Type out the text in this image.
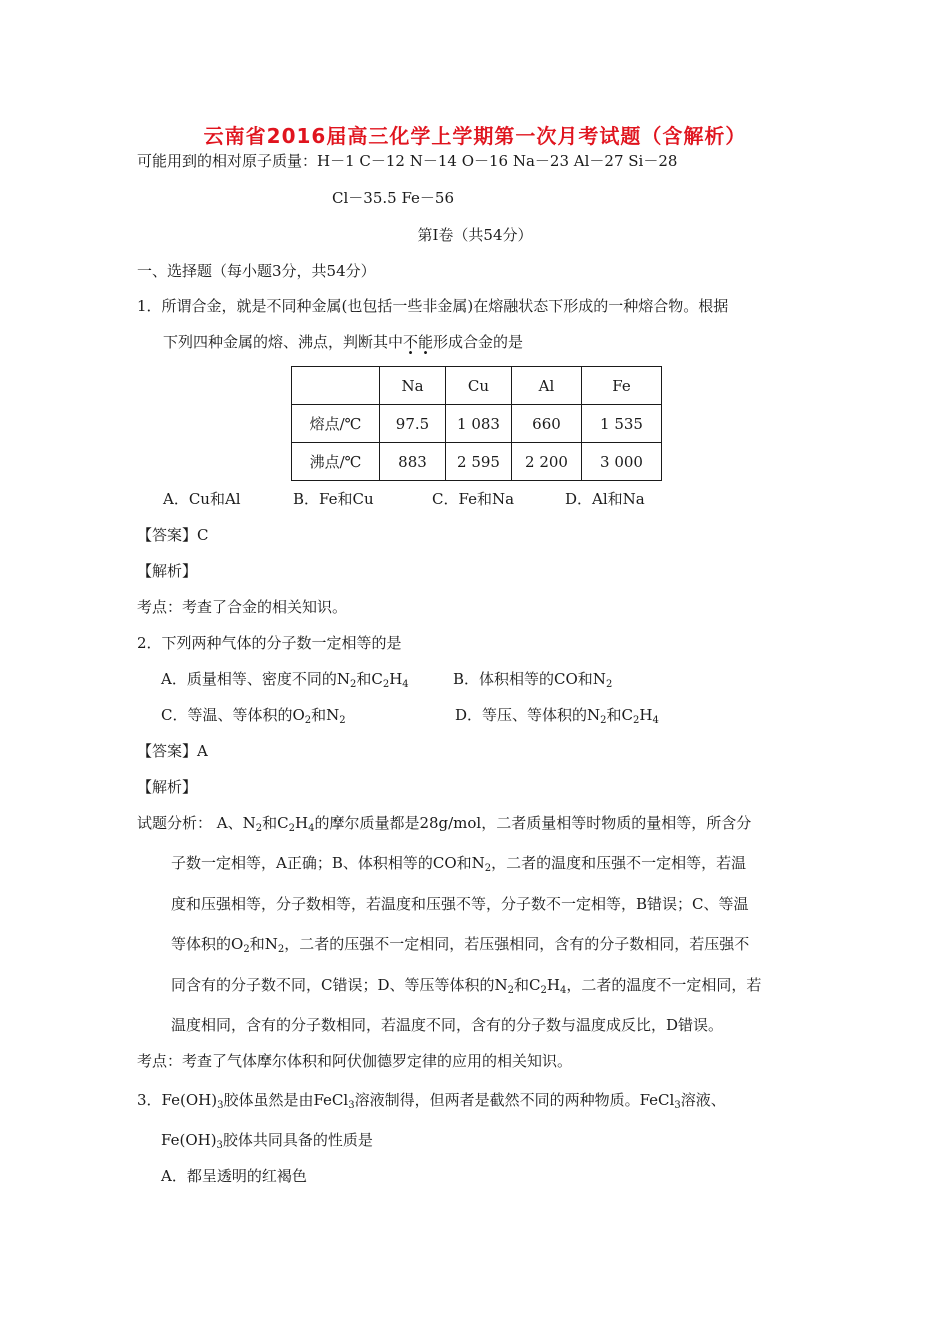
云南省2016届高三化学上学期第一次月考试题（含解析）
可能用到的相对原子质量：H－1 C－12 N－14 O－16 Na－23 Al－27 Si－28
Cl－35.5 Fe－56
第Ⅰ卷（共54分）
一、选择题（每小题3分，共54分）
1．所谓合金，就是不同种金属(也包括一些非金属)在熔融状态下形成的一种熔合物。根据
下列四种金属的熔、沸点，判断其中不能形成合金的是
	Na	Cu	Al	Fe
熔点/℃	97.5	1 083	660	1 535
沸点/℃	883	2 595	2 200	3 000
A．Cu和Al	B．Fe和Cu	C．Fe和Na	D．Al和Na
【答案】C
【解析】
考点：考查了合金的相关知识。
2．下列两种气体的分子数一定相等的是
A．质量相等、密度不同的$N_2$和$C_2H_4$	B．体积相等的CO和$N_2$
C．等温、等体积的$O_2$和$N_2$	D．等压、等体积的$N_2$和$C_2H_4$
【答案】A
【解析】
试题分析： A、$N_2$和$C_2H_4$的摩尔质量都是28g/mol，二者质量相等时物质的量相等，所含分
子数一定相等，A正确；B、体积相等的CO和$N_2$，二者的温度和压强不一定相等，若温
度和压强相等，分子数相等，若温度和压强不等，分子数不一定相等，B错误；C、等温
等体积的$O_2$和$N_2$，二者的压强不一定相同，若压强相同，含有的分子数相同，若压强不
同含有的分子数不同，C错误；D、等压等体积的$N_2$和$C_2H_4$，二者的温度不一定相同，若
温度相同，含有的分子数相同，若温度不同，含有的分子数与温度成反比，D错误。
考点：考查了气体摩尔体积和阿伏伽德罗定律的应用的相关知识。
3．$Fe(OH)_3$胶体虽然是由FeCl$_3$溶液制得，但两者是截然不同的两种物质。FeCl$_3$溶液、
$Fe(OH)_3$胶体共同具备的性质是
A．都呈透明的红褐色
